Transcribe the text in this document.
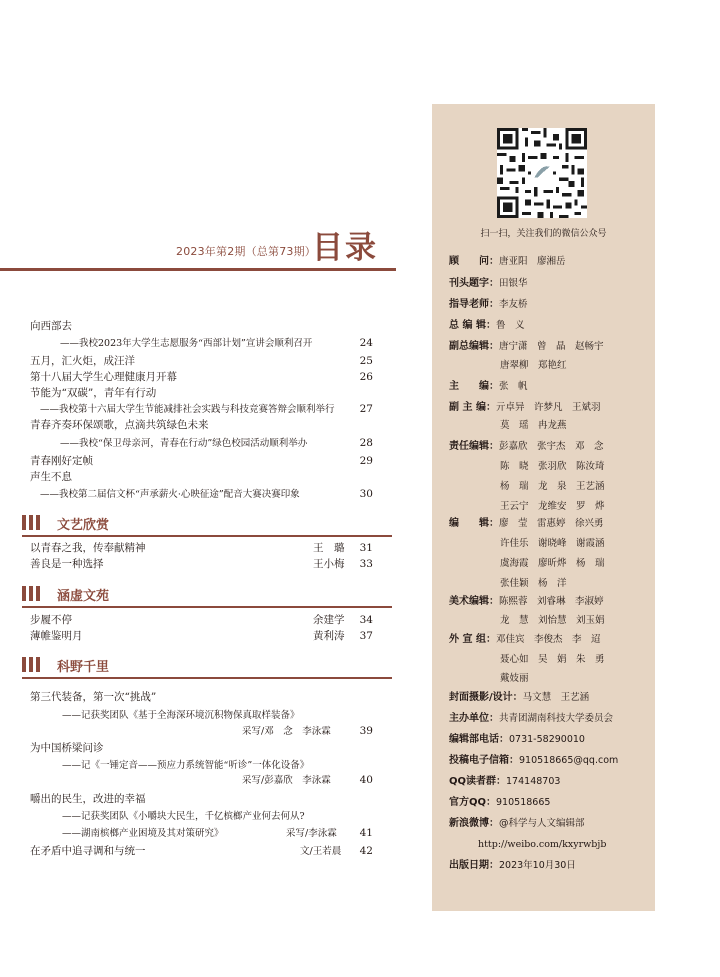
2023年第2期（总第73期）
目录
向西部去
——我校2023年大学生志愿服务“西部计划”宣讲会顺利召开	24
五月，汇火炬，成汪洋	25
第十八届大学生心理健康月开幕	26
节能为“双碳”，青年有行动
——我校第十六届大学生节能减排社会实践与科技竞赛答辩会顺利举行 27
青春齐奏环保颂歌，点滴共筑绿色未来
——我校“保卫母亲河，青春在行动”绿色校园活动顺利举办	28
青春刚好定帧	29
声生不息
——我校第二届信文杯“声承薪火·心映征途”配音大赛决赛印象	30
文艺欣赏
以青春之我，传奉献精神	王　璐 31
善良是一种选择	王小梅 33
涵虚文苑
步履不停	余建学 34
薄帷鉴明月	黄利涛 37
科野千里
第三代装备，第一次“挑战”
——记获奖团队《基于全海深环境沉积物保真取样装备》
采写/邓　念　李泳霖	39
为中国桥梁问诊
——记《一锤定音——预应力系统智能“听诊”一体化设备》
采写/彭嘉欣　李泳霖	40
嚼出的民生，改进的幸福
——记获奖团队《小嚼块大民生，千亿槟榔产业何去何从?
——湖南槟榔产业困境及其对策研究》	采写/李泳霖 41
在矛盾中追寻调和与统一	文/王若晨 42
扫一扫，关注我们的微信公众号
顾　　问：唐亚阳　廖湘岳
刊头题字：田银华
指导老师：李友桥
总 编 辑：鲁　义
副总编辑：唐宁潇　曾　晶　赵畅宇
唐翠柳　郑艳红
主　　编：张　帆
副 主 编：亓卓异　许梦凡　王斌羽
莫　瑶　冉龙燕
责任编辑：彭嘉欣　张宇杰　邓　念
陈　晓　张羽欣　陈汝琦
杨　瑞　龙　泉　王艺涵
王云宁　龙维安　罗　烨
编　　辑：廖　莹　雷惠婷　徐兴勇
许佳乐　谢晓峰　谢霞涵
虞海霞　廖昕烨　杨　瑞
张佳颖　杨　洋
美术编辑：陈熙蓉　刘睿琳　李淑婷
龙　慧　刘怡慧　刘玉娟
外 宣 组：邓佳宾　李俊杰　李　迢
聂心如　吴　娟　朱　勇
戴妓丽
封面摄影/设计：马文慧　王艺涵
主办单位：共青团湖南科技大学委员会
编辑部电话：0731-58290010
投稿电子信箱：910518665@qq.com
QQ读者群：174148703
官方QQ：910518665
新浪微博：@科学与人文编辑部
http://weibo.com/kxyrwbjb
出版日期：2023年10月30日
